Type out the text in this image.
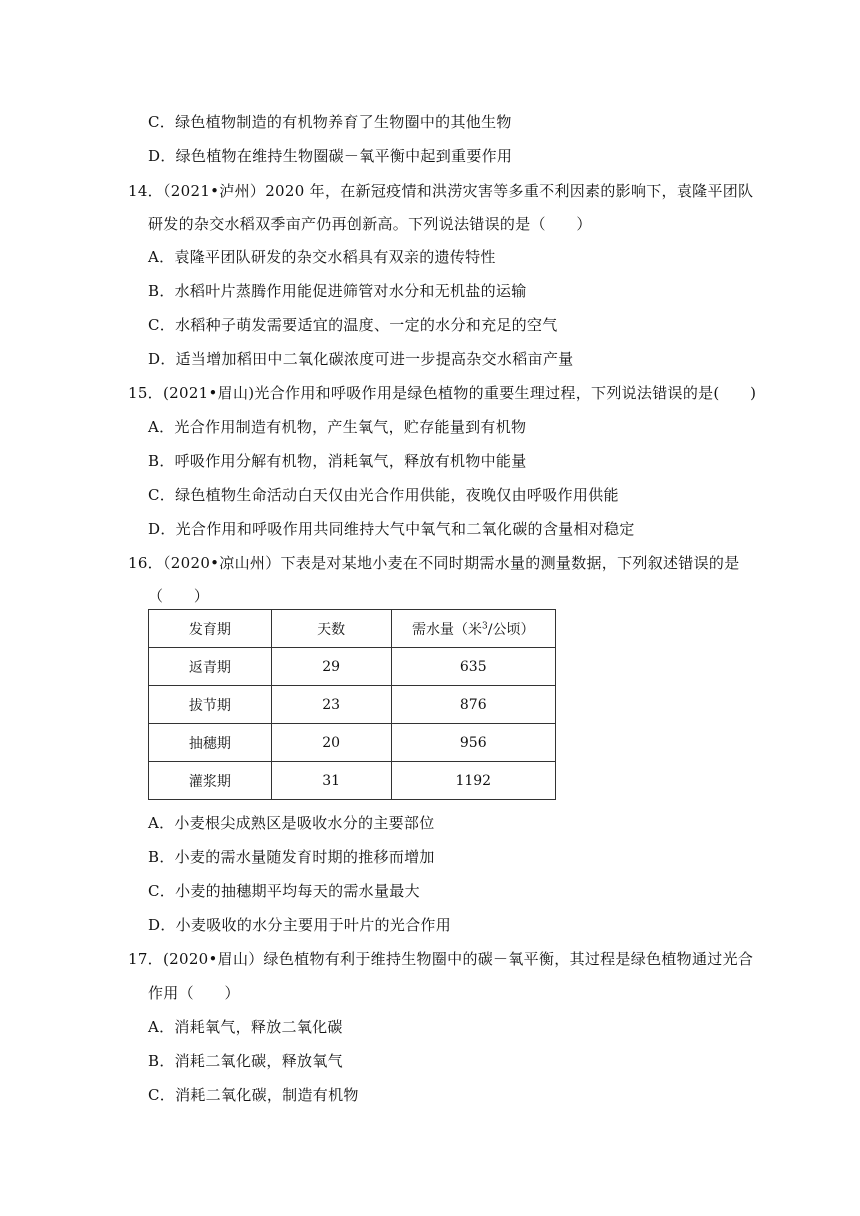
C．绿色植物制造的有机物养育了生物圈中的其他生物
D．绿色植物在维持生物圈碳－氧平衡中起到重要作用
14．（2021•泸州）2020 年，在新冠疫情和洪涝灾害等多重不利因素的影响下，袁隆平团队
研发的杂交水稻双季亩产仍再创新高。下列说法错误的是（　　）
A．袁隆平团队研发的杂交水稻具有双亲的遗传特性
B．水稻叶片蒸腾作用能促进筛管对水分和无机盐的运输
C．水稻种子萌发需要适宜的温度、一定的水分和充足的空气
D．适当增加稻田中二氧化碳浓度可进一步提高杂交水稻亩产量
15．(2021•眉山)光合作用和呼吸作用是绿色植物的重要生理过程，下列说法错误的是(　　)
A．光合作用制造有机物，产生氧气，贮存能量到有机物
B．呼吸作用分解有机物，消耗氧气，释放有机物中能量
C．绿色植物生命活动白天仅由光合作用供能，夜晚仅由呼吸作用供能
D．光合作用和呼吸作用共同维持大气中氧气和二氧化碳的含量相对稳定
16．（2020•凉山州）下表是对某地小麦在不同时期需水量的测量数据，下列叙述错误的是
（　　）
发育期	天数	需水量（米$^3$/公顷）
返青期	29	635
拔节期	23	876
抽穗期	20	956
灌浆期	31	1192
A．小麦根尖成熟区是吸收水分的主要部位
B．小麦的需水量随发育时期的推移而增加
C．小麦的抽穗期平均每天的需水量最大
D．小麦吸收的水分主要用于叶片的光合作用
17．(2020•眉山）绿色植物有利于维持生物圈中的碳－氧平衡，其过程是绿色植物通过光合
作用（　　）
A．消耗氧气，释放二氧化碳
B．消耗二氧化碳，释放氧气
C．消耗二氧化碳，制造有机物
